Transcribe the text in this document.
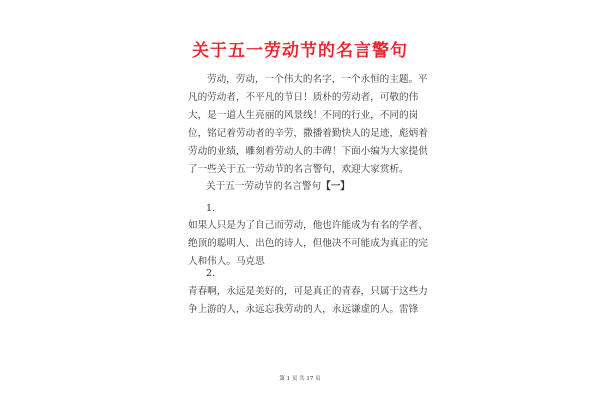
关于五一劳动节的名言警句

劳动，劳动，一个伟大的名字，一个永恒的主题。平凡的劳动者，不平凡的节日！质朴的劳动者，可敬的伟大，是一道人生亮丽的风景线！不同的行业，不同的岗位，铭记着劳动者的辛劳，撒播着勤快人的足迹，彪炳着劳动的业绩，雕刻着劳动人的丰碑！下面小编为大家提供了一些关于五一劳动节的名言警句，欢迎大家赏析。

关于五一劳动节的名言警句【一】

1.

如果人只是为了自己而劳动，他也许能成为有名的学者、绝顶的聪明人、出色的诗人，但他决不可能成为真正的完人和伟人。马克思

2.

青春啊，永远是美好的，可是真正的青春，只属于这些力争上游的人，永远忘我劳动的人，永远谦虚的人。雷锋

第 1 页 共 17 页
